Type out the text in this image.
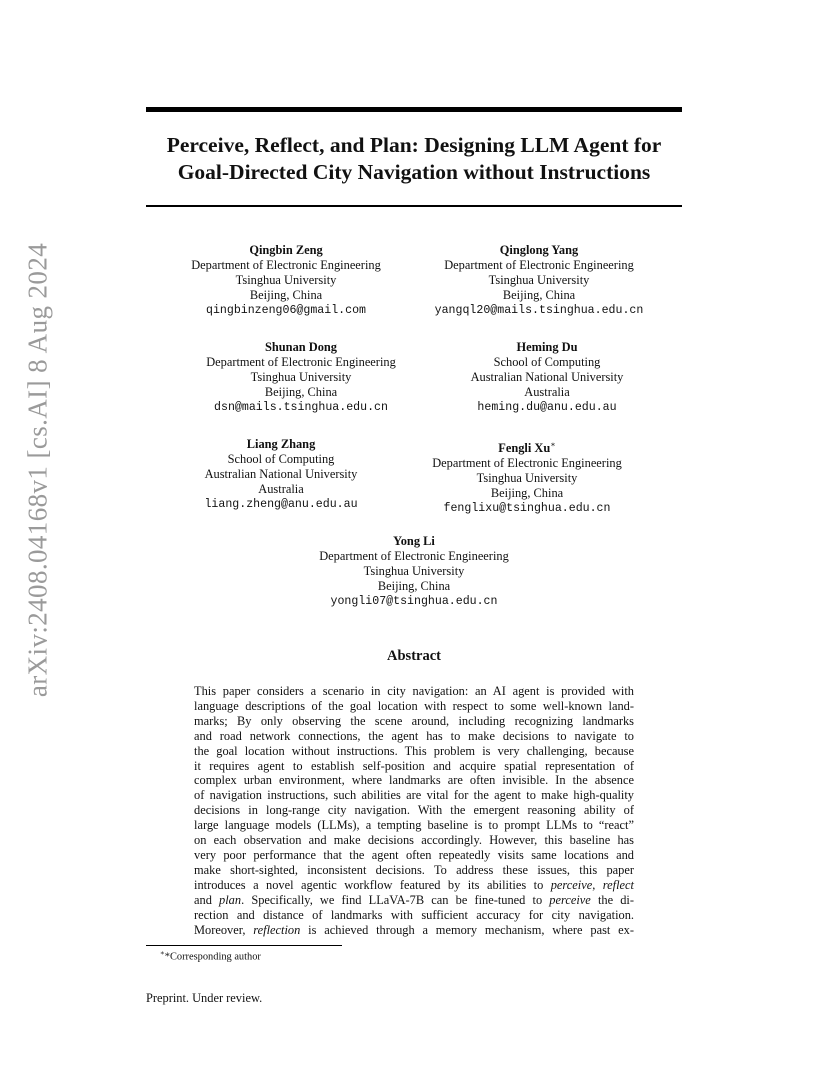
arXiv:2408.04168v1 [cs.AI] 8 Aug 2024
Perceive, Reflect, and Plan: Designing LLM Agent for
Goal-Directed City Navigation without Instructions
Qingbin Zeng
Department of Electronic Engineering
Tsinghua University
Beijing, China
qingbinzeng06@gmail.com
Qinglong Yang
Department of Electronic Engineering
Tsinghua University
Beijing, China
yangql20@mails.tsinghua.edu.cn
Shunan Dong
Department of Electronic Engineering
Tsinghua University
Beijing, China
dsn@mails.tsinghua.edu.cn
Heming Du
School of Computing
Australian National University
Australia
heming.du@anu.edu.au
Liang Zhang
School of Computing
Australian National University
Australia
liang.zheng@anu.edu.au
Fengli Xu∗
Department of Electronic Engineering
Tsinghua University
Beijing, China
fenglixu@tsinghua.edu.cn
Yong Li
Department of Electronic Engineering
Tsinghua University
Beijing, China
yongli07@tsinghua.edu.cn
Abstract
This paper considers a scenario in city navigation: an AI agent is provided with
language descriptions of the goal location with respect to some well-known land-
marks; By only observing the scene around, including recognizing landmarks
and road network connections, the agent has to make decisions to navigate to
the goal location without instructions. This problem is very challenging, because
it requires agent to establish self-position and acquire spatial representation of
complex urban environment, where landmarks are often invisible. In the absence
of navigation instructions, such abilities are vital for the agent to make high-quality
decisions in long-range city navigation. With the emergent reasoning ability of
large language models (LLMs), a tempting baseline is to prompt LLMs to “react”
on each observation and make decisions accordingly. However, this baseline has
very poor performance that the agent often repeatedly visits same locations and
make short-sighted, inconsistent decisions. To address these issues, this paper
introduces a novel agentic workflow featured by its abilities to perceive, reflect
and plan. Specifically, we find LLaVA-7B can be fine-tuned to perceive the di-
rection and distance of landmarks with sufficient accuracy for city navigation.
Moreover, reflection is achieved through a memory mechanism, where past ex-
∗*Corresponding author
Preprint. Under review.
